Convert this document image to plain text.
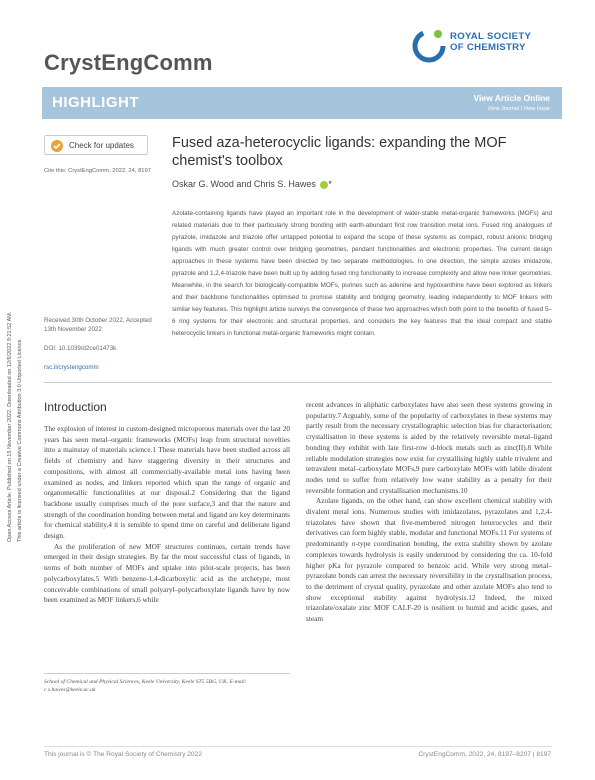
Open Access Article. Published on 15 November 2022. Downloaded on 12/6/2022 9:21:52 AM. This article is licensed under a Creative Commons Attribution 3.0 Unported Licence.
CrystEngComm
ROYAL SOCIETY
OF CHEMISTRY
HIGHLIGHT	View Article Online
View Journal | View Issue
Check for updates
Cite this: CrystEngComm, 2022, 24, 8197
Fused aza-heterocyclic ligands: expanding the MOF chemist's toolbox
Oskar G. Wood and Chris S. Hawes *
Azolate-containing ligands have played an important role in the development of water-stable metal-organic frameworks (MOFs) and related materials due to their particularly strong bonding with earth-abundant first row transition metal ions. Fused ring analogues of pyrazole, imidazole and triazole offer untapped potential to expand the scope of these systems as compact, robust anionic bridging ligands with much greater control over bridging geometries, pendant functionalities and electronic properties. The current design approaches in these systems have been directed by two separate methodologies. In one direction, the simple azoles imidazole, pyrazole and 1,2,4-triazole have been built up by adding fused ring functionality to increase complexity and allow new linker geometries. Meanwhile, in the search for biologically-compatible MOFs, purines such as adenine and hypoxanthine have been explored as linkers and their backbone functionalities optimised to promise stability and bridging geometry, leading independently to MOF linkers with similar key features. This highlight article surveys the convergence of these two approaches which both point to the benefits of fused 5–6 ring systems for their electronic and structural properties, and considers the key features that the ideal compact and stable heterocyclic linkers in functional metal-organic frameworks might contain.
Received 30th October 2022, Accepted 13th November 2022
DOI: 10.1039/d2ce01473k
rsc.li/crystengcomm
Introduction

The explosion of interest in custom-designed microporous materials over the last 20 years has seen metal–organic frameworks (MOFs) leap from structural novelties into a mainstay of materials science.1 These materials have been studied across all fields of chemistry and have staggering diversity in their structures and compositions, with almost all commercially-available metal ions having been examined as nodes, and linkers reported which span the range of organic and organometallic functionalities at our disposal.2 Considering that the ligand backbone usually comprises much of the pore surface,3 and that the nature and strength of the coordination bonding between metal and ligand are key determinants for chemical stability,4 it is sensible to spend time on careful and deliberate ligand design.

As the proliferation of new MOF structures continues, certain trends have emerged in their design strategies. By far the most successful class of ligands, in terms of both number of MOFs and uptake into pilot-scale projects, has been polycarboxylates.5 With benzene-1,4-dicarboxylic acid as the archetype, most conceivable combinations of small polyaryl–polycarboxylate ligands have by now been examined as MOF linkers,6 while

recent advances in aliphatic carboxylates have also seen these systems growing in popularity.7 Arguably, some of the popularity of carboxylates in these systems may partly result from the necessary crystallographic selection bias for characterisation; crystallisation in these systems is aided by the relatively reversible metal–ligand bonding they exhibit with late first-row d-block metals such as zinc(II).8 While reliable modulation strategies now exist for crystallising highly stable trivalent and tetravalent metal–carboxylate MOFs,9 pure carboxylate MOFs with labile divalent nodes tend to suffer from relatively low water stability as a penalty for their reversible formation and crystallisation mechanisms.10

Azolate ligands, on the other hand, can show excellent chemical stability with divalent metal ions. Numerous studies with imidazolates, pyrazolates and 1,2,4-triazolates have shown that five-membered nitrogen heterocycles and their derivatives can form highly stable, modular and functional MOFs.11 For systems of predominantly σ-type coordination bonding, the extra stability shown by azolate complexes towards hydrolysis is easily understood by considering the ca. 10-fold higher pKa for pyrazole compared to benzoic acid. While very strong metal–pyrazolate bonds can arrest the necessary reversibility in the crystallisation process, to the detriment of crystal quality, pyrazolate and other azolate MOFs also tend to show exceptional stability against hydrolysis.12 Indeed, the mixed triazolate/oxalate zinc MOF CALF-20 is resilient to humid and acidic gases, and steam

School of Chemical and Physical Sciences, Keele University, Keele ST5 5BG, UK. E-mail: c.s.hawes@keele.ac.uk
This journal is © The Royal Society of Chemistry 2022	CrystEngComm, 2022, 24, 8197–8207 | 8197
